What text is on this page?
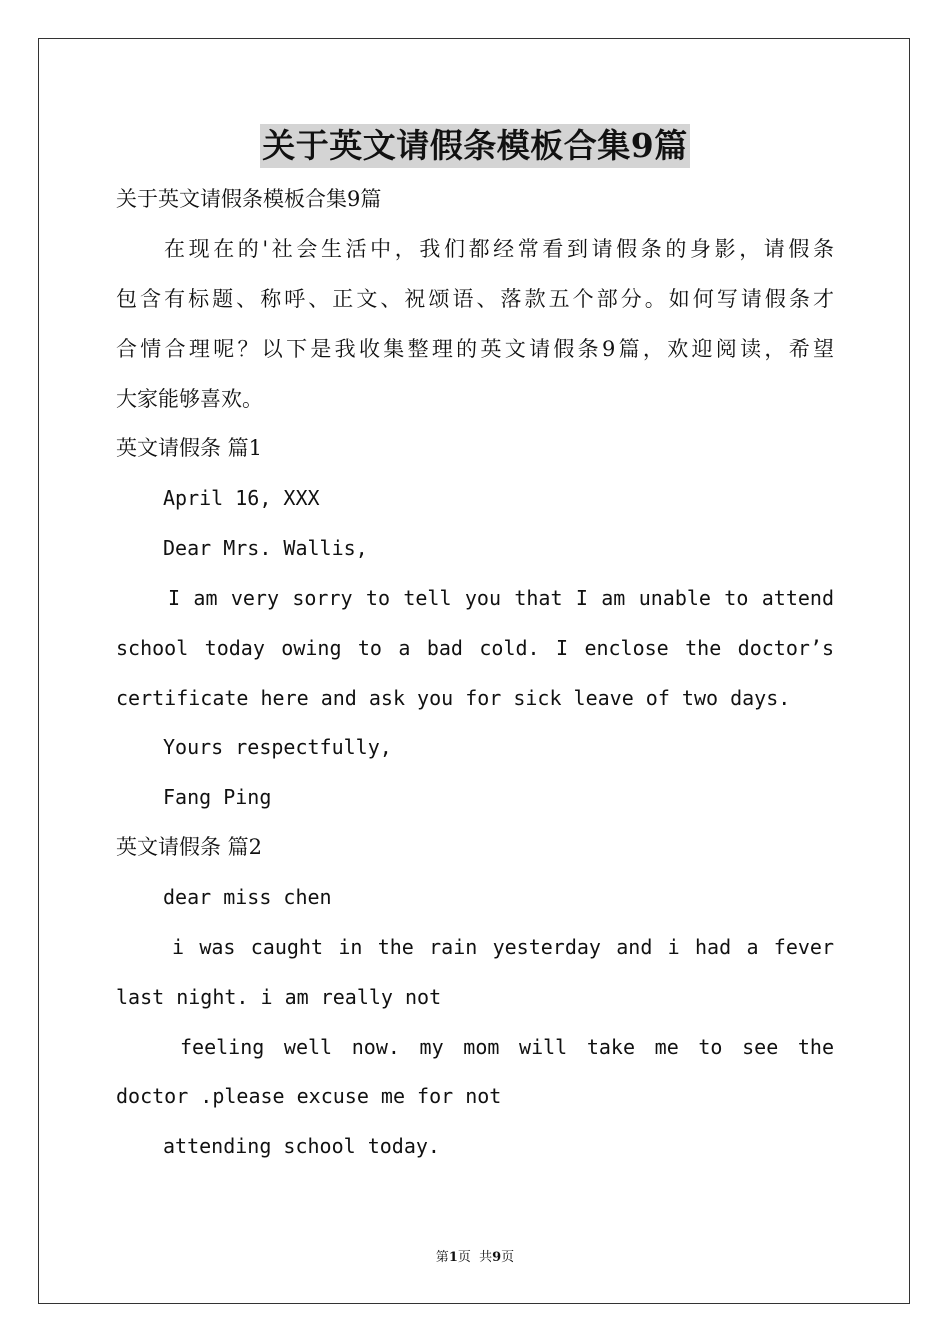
关于英文请假条模板合集9篇
关于英文请假条模板合集9篇
在现在的'社会生活中，我们都经常看到请假条的身影，请假条
包含有标题、称呼、正文、祝颂语、落款五个部分。如何写请假条才
合情合理呢？以下是我收集整理的英文请假条9篇，欢迎阅读，希望
大家能够喜欢。
英文请假条 篇1
April 16, XXX
Dear Mrs. Wallis,
I am very sorry to tell you that I am unable to attend
school today owing to a bad cold. I enclose the doctor’s
certificate here and ask you for sick leave of two days.
Yours respectfully,
Fang Ping
英文请假条 篇2
dear miss chen
i was caught in the rain yesterday and i had a fever
last night. i am really not
feeling well now. my mom will take me to see the
doctor .please excuse me for not
attending school today.
第1页  共9页
